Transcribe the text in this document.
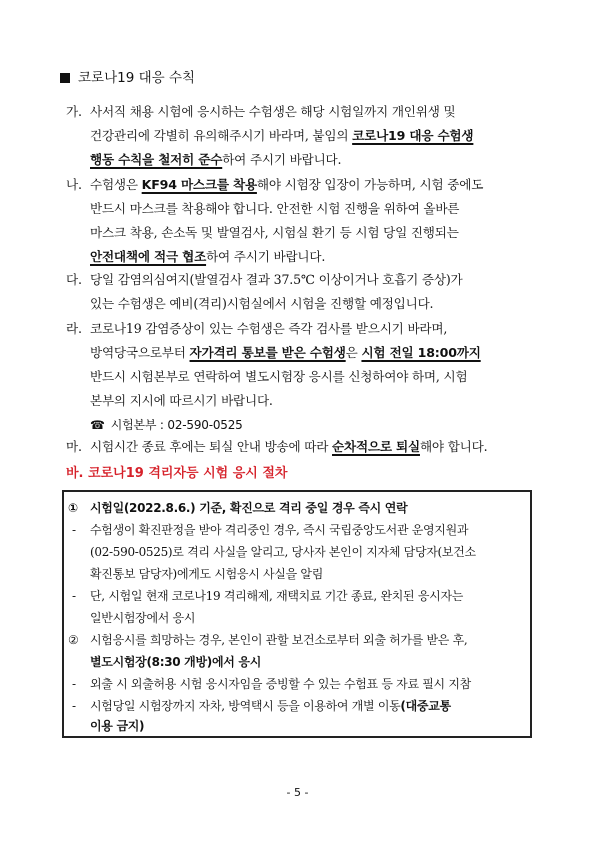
코로나19 대응 수칙
가. 사서직 채용 시험에 응시하는 수험생은 해당 시험일까지 개인위생 및
건강관리에 각별히 유의해주시기 바라며, 붙임의 코로나19 대응 수험생
행동 수칙을 철저히 준수하여 주시기 바랍니다.
나. 수험생은 KF94 마스크를 착용해야 시험장 입장이 가능하며, 시험 중에도
반드시 마스크를 착용해야 합니다. 안전한 시험 진행을 위하여 올바른
마스크 착용, 손소독 및 발열검사, 시험실 환기 등 시험 당일 진행되는
안전대책에 적극 협조하여 주시기 바랍니다.
다. 당일 감염의심여지(발열검사 결과 37.5℃ 이상이거나 호흡기 증상)가
있는 수험생은 예비(격리)시험실에서 시험을 진행할 예정입니다.
라. 코로나19 감염증상이 있는 수험생은 즉각 검사를 받으시기 바라며,
방역당국으로부터 자가격리 통보를 받은 수험생은 시험 전일 18:00까지
반드시 시험본부로 연락하여 별도시험장 응시를 신청하여야 하며, 시험
본부의 지시에 따르시기 바랍니다.
☎ 시험본부 : 02-590-0525
마. 시험시간 종료 후에는 퇴실 안내 방송에 따라 순차적으로 퇴실해야 합니다.
바. 코로나19 격리자등 시험 응시 절차
① 시험일(2022.8.6.) 기준, 확진으로 격리 중일 경우 즉시 연락
- 수험생이 확진판정을 받아 격리중인 경우, 즉시 국립중앙도서관 운영지원과
(02-590-0525)로 격리 사실을 알리고, 당사자 본인이 지자체 담당자(보건소
확진통보 담당자)에게도 시험응시 사실을 알림
- 단, 시험일 현재 코로나19 격리해제, 재택치료 기간 종료, 완치된 응시자는
일반시험장에서 응시
② 시험응시를 희망하는 경우, 본인이 관할 보건소로부터 외출 허가를 받은 후,
별도시험장(8:30 개방)에서 응시
- 외출 시 외출허용 시험 응시자임을 증빙할 수 있는 수험표 등 자료 필시 지참
- 시험당일 시험장까지 자차, 방역택시 등을 이용하여 개별 이동(대중교통
이용 금지)
- 5 -
